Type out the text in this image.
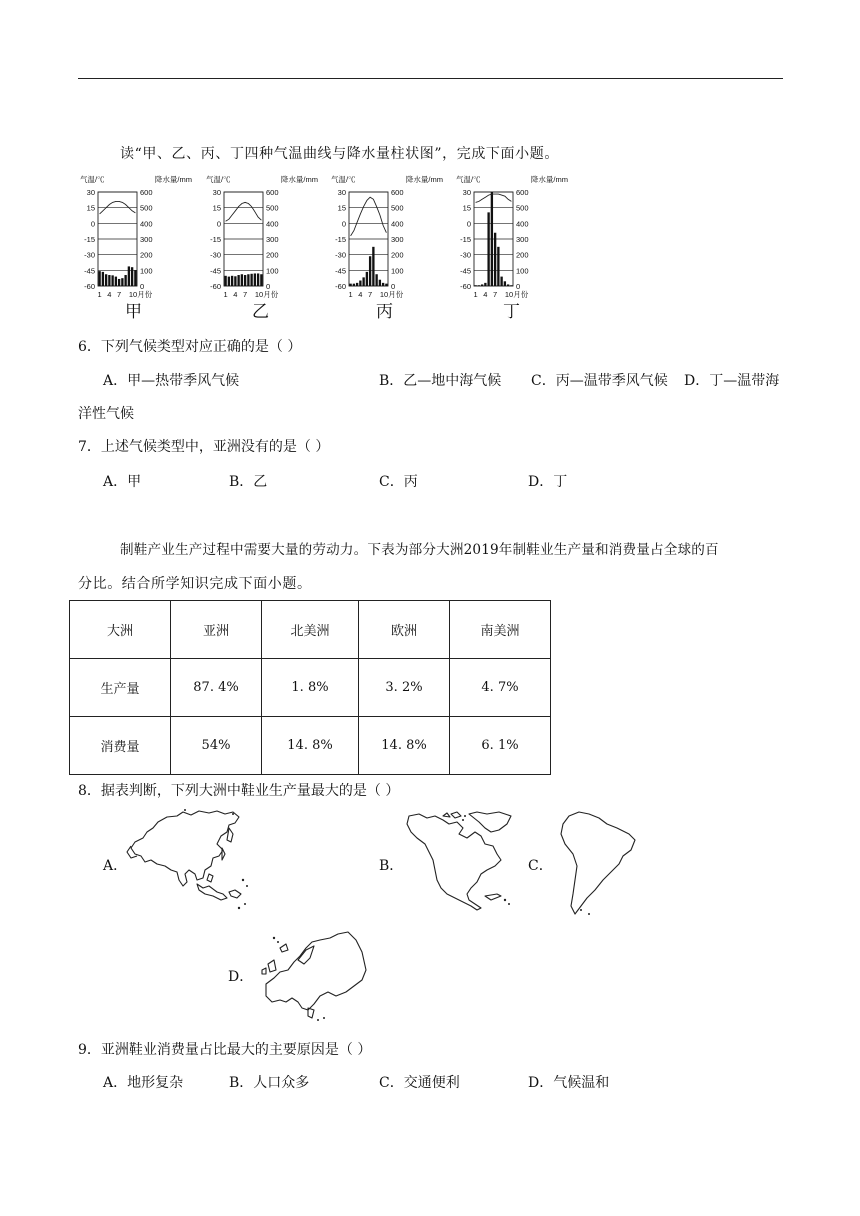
读“甲、乙、丙、丁四种气温曲线与降水量柱状图”，完成下面小题。
气温/℃	降水量/mm
30
15
0
-15
-30
-45
-60
600
500
400
300
200
100
0
1 4 7 10月份
气温/℃	降水量/mm
30
15
0
-15
-30
-45
-60
600
500
400
300
200
100
0
1 4 7 10月份
气温/℃	降水量/mm
30
15
0
-15
-30
-45
-60
600
500
400
300
200
100
0
1 4 7 10月份
气温/℃	降水量/mm
30
15
0
-15
-30
-45
-60
600
500
400
300
200
100
0
1 4 7 10月份
甲	乙	丙	丁
6．下列气候类型对应正确的是（ ）
A．甲—热带季风气候	B．乙—地中海气候 C．丙—温带季风气候 D．丁—温带海
洋性气候
7．上述气候类型中，亚洲没有的是（ ）
A．甲	B．乙	C．丙	D．丁
制鞋产业生产过程中需要大量的劳动力。下表为部分大洲2019年制鞋业生产量和消费量占全球的百
分比。结合所学知识完成下面小题。
大洲	亚洲	北美洲	欧洲	南美洲
生产量	87. 4%	1. 8%	3. 2%	4. 7%
消费量	54%	14. 8%	14. 8%	6. 1%
8．据表判断，下列大洲中鞋业生产量最大的是（ ）
A．	B．	C．
D．
9．亚洲鞋业消费量占比最大的主要原因是（ ）
A．地形复杂	B．人口众多	C．交通便利	D．气候温和
